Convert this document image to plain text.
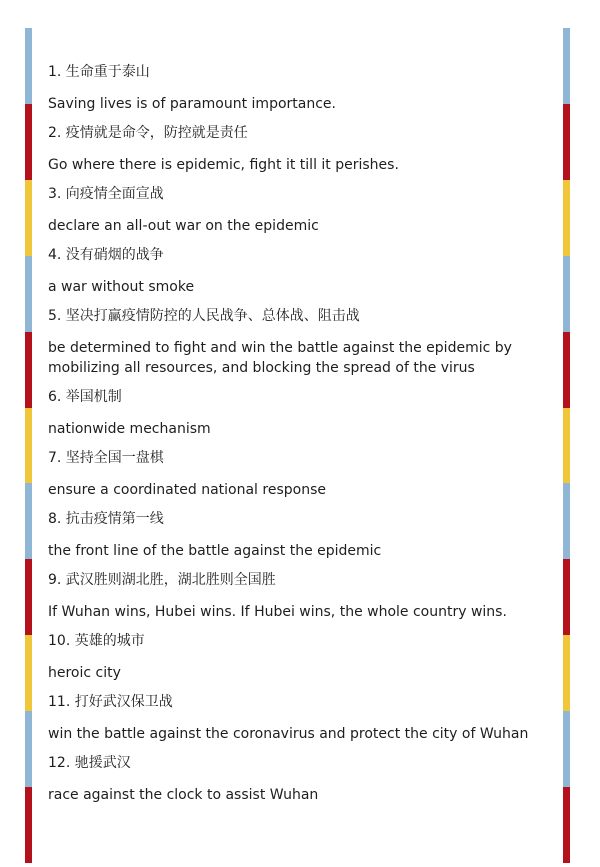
1. 生命重于泰山
Saving lives is of paramount importance.
2. 疫情就是命令，防控就是责任
Go where there is epidemic, fight it till it perishes.
3. 向疫情全面宣战
declare an all-out war on the epidemic
4. 没有硝烟的战争
a war without smoke
5. 坚决打赢疫情防控的人民战争、总体战、阻击战
be determined to fight and win the battle against the epidemic by mobilizing all resources, and blocking the spread of the virus
6. 举国机制
nationwide mechanism
7. 坚持全国一盘棋
ensure a coordinated national response
8. 抗击疫情第一线
the front line of the battle against the epidemic
9. 武汉胜则湖北胜，湖北胜则全国胜
If Wuhan wins, Hubei wins. If Hubei wins, the whole country wins.
10. 英雄的城市
heroic city
11. 打好武汉保卫战
win the battle against the coronavirus and protect the city of Wuhan
12. 驰援武汉
race against the clock to assist Wuhan
